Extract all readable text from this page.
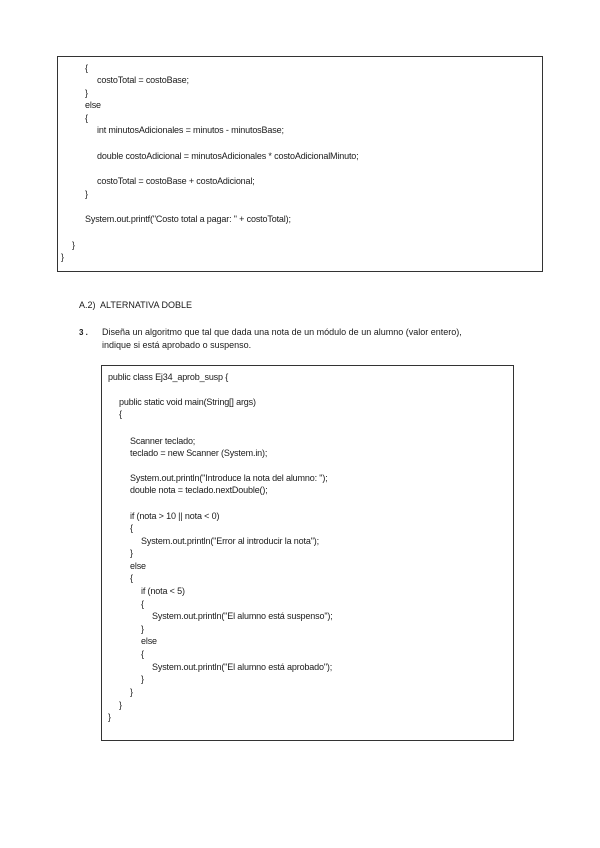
{
costoTotal = costoBase;
}
else
{
int minutosAdicionales = minutos - minutosBase;
double costoAdicional = minutosAdicionales * costoAdicionalMinuto;
costoTotal = costoBase + costoAdicional;
}
System.out.printf("Costo total a pagar: " + costoTotal);
}
}
A.2)  ALTERNATIVA DOBLE
3 . Diseña un algoritmo que tal que dada una nota de un módulo de un alumno (valor entero),
indique si está aprobado o suspenso.
public class Ej34_aprob_susp {
public static void main(String[] args)
{
Scanner teclado;
teclado = new Scanner (System.in);
System.out.println("Introduce la nota del alumno: ");
double nota = teclado.nextDouble();
if (nota > 10 || nota < 0)
{
System.out.println("Error al introducir la nota");
}
else
{
if (nota < 5)
{
System.out.println("El alumno está suspenso");
}
else
{
System.out.println("El alumno está aprobado");
}
}
}
}
